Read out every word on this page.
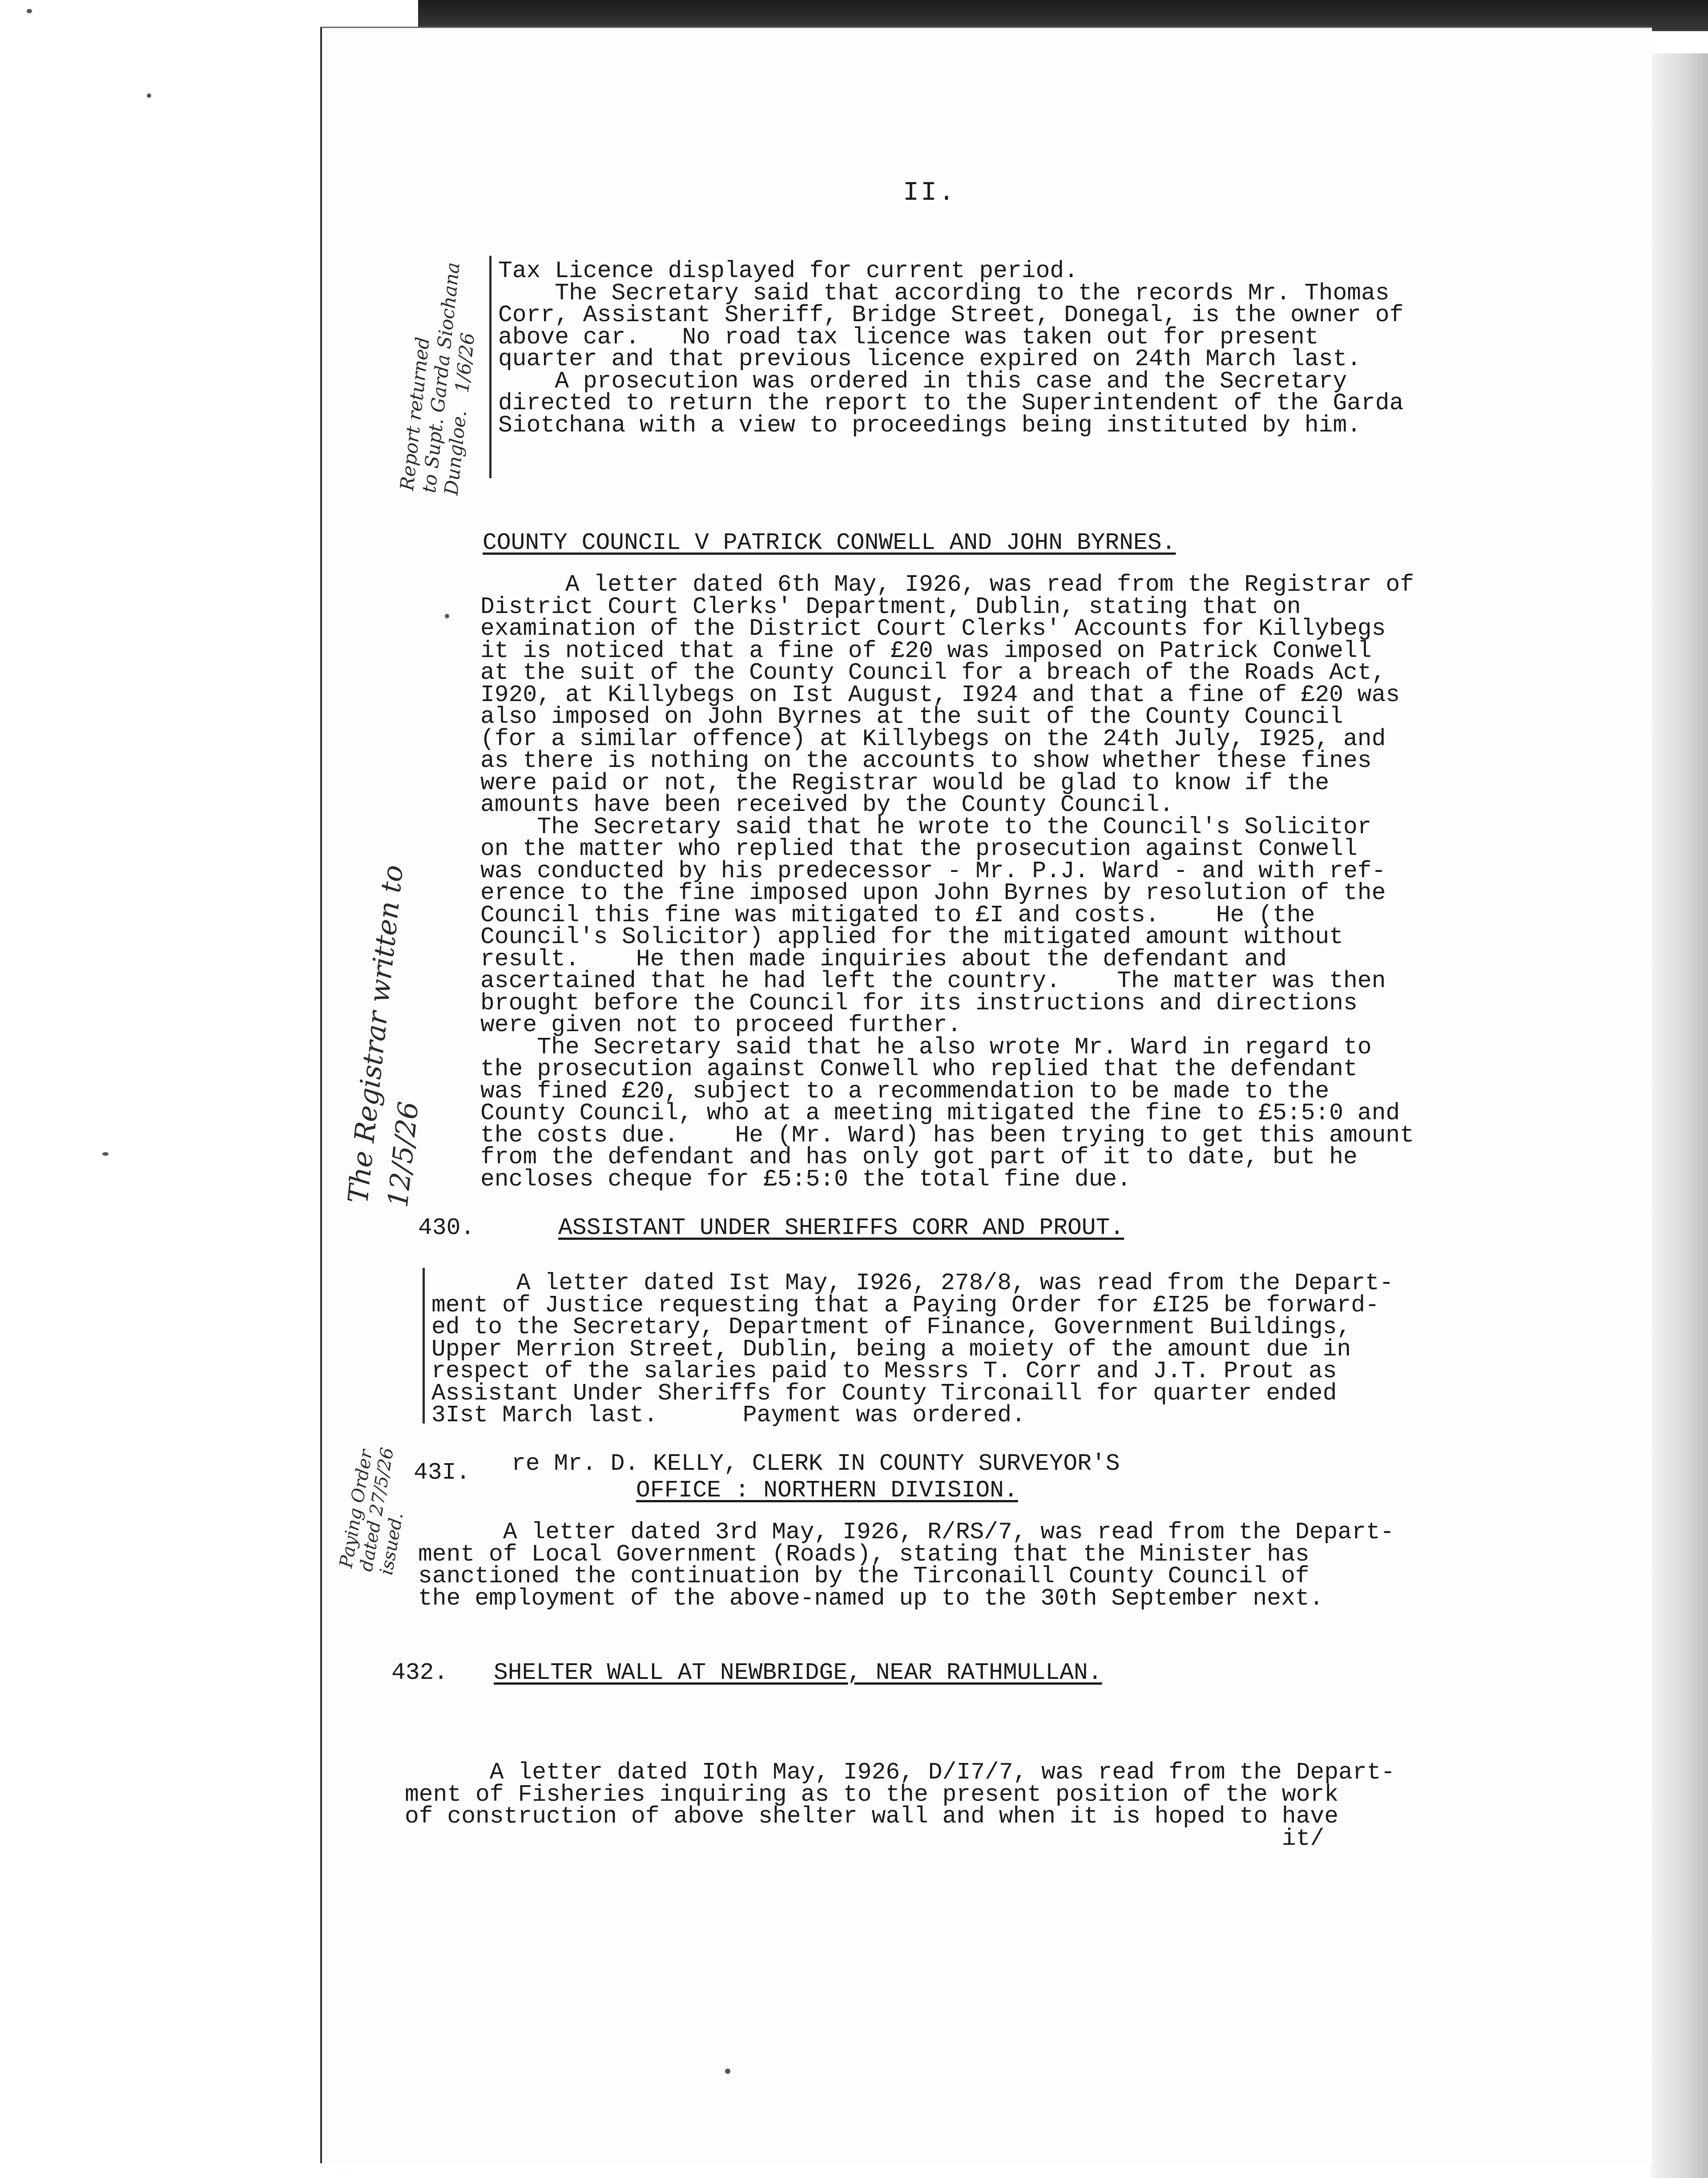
II.
Tax Licence displayed for current period.
The Secretary said that according to the records Mr. Thomas
Corr, Assistant Sheriff, Bridge Street, Donegal, is the owner of
above car.   No road tax licence was taken out for present
quarter and that previous licence expired on 24th March last.
A prosecution was ordered in this case and the Secretary
directed to return the report to the Superintendent of the Garda
Siotchana with a view to proceedings being instituted by him.
COUNTY COUNCIL V PATRICK CONWELL AND JOHN BYRNES.
A letter dated 6th May, I926, was read from the Registrar of
District Court Clerks' Department, Dublin, stating that on
examination of the District Court Clerks' Accounts for Killybegs
it is noticed that a fine of £20 was imposed on Patrick Conwell
at the suit of the County Council for a breach of the Roads Act,
I920, at Killybegs on Ist August, I924 and that a fine of £20 was
also imposed on John Byrnes at the suit of the County Council
(for a similar offence) at Killybegs on the 24th July, I925, and
as there is nothing on the accounts to show whether these fines
were paid or not, the Registrar would be glad to know if the
amounts have been received by the County Council.
The Secretary said that he wrote to the Council's Solicitor
on the matter who replied that the prosecution against Conwell
was conducted by his predecessor - Mr. P.J. Ward - and with ref-
erence to the fine imposed upon John Byrnes by resolution of the
Council this fine was mitigated to £I and costs.    He (the
Council's Solicitor) applied for the mitigated amount without
result.    He then made inquiries about the defendant and
ascertained that he had left the country.    The matter was then
brought before the Council for its instructions and directions
were given not to proceed further.
The Secretary said that he also wrote Mr. Ward in regard to
the prosecution against Conwell who replied that the defendant
was fined £20, subject to a recommendation to be made to the
County Council, who at a meeting mitigated the fine to £5:5:0 and
the costs due.    He (Mr. Ward) has been trying to get this amount
from the defendant and has only got part of it to date, but he
encloses cheque for £5:5:0 the total fine due.
430.	ASSISTANT UNDER SHERIFFS CORR AND PROUT.
A letter dated Ist May, I926, 278/8, was read from the Depart-
ment of Justice requesting that a Paying Order for £I25 be forward-
ed to the Secretary, Department of Finance, Government Buildings,
Upper Merrion Street, Dublin, being a moiety of the amount due in
respect of the salaries paid to Messrs T. Corr and J.T. Prout as
Assistant Under Sheriffs for County Tirconaill for quarter ended
3Ist March last.      Payment was ordered.
43I. re Mr. D. KELLY, CLERK IN COUNTY SURVEYOR'S
OFFICE : NORTHERN DIVISION.
A letter dated 3rd May, I926, R/RS/7, was read from the Depart-
ment of Local Government (Roads), stating that the Minister has
sanctioned the continuation by the Tirconaill County Council of
the employment of the above-named up to the 30th September next.
432. SHELTER WALL AT NEWBRIDGE, NEAR RATHMULLAN.
A letter dated IOth May, I926, D/I7/7, was read from the Depart-
ment of Fisheries inquiring as to the present position of the work
of construction of above shelter wall and when it is hoped to have
it/
Report returned
to Supt. Garda Siochana
Dungloe.   1/6/26
The Registrar written to
12/5/26
Paying Order
dated 27/5/26
issued.
